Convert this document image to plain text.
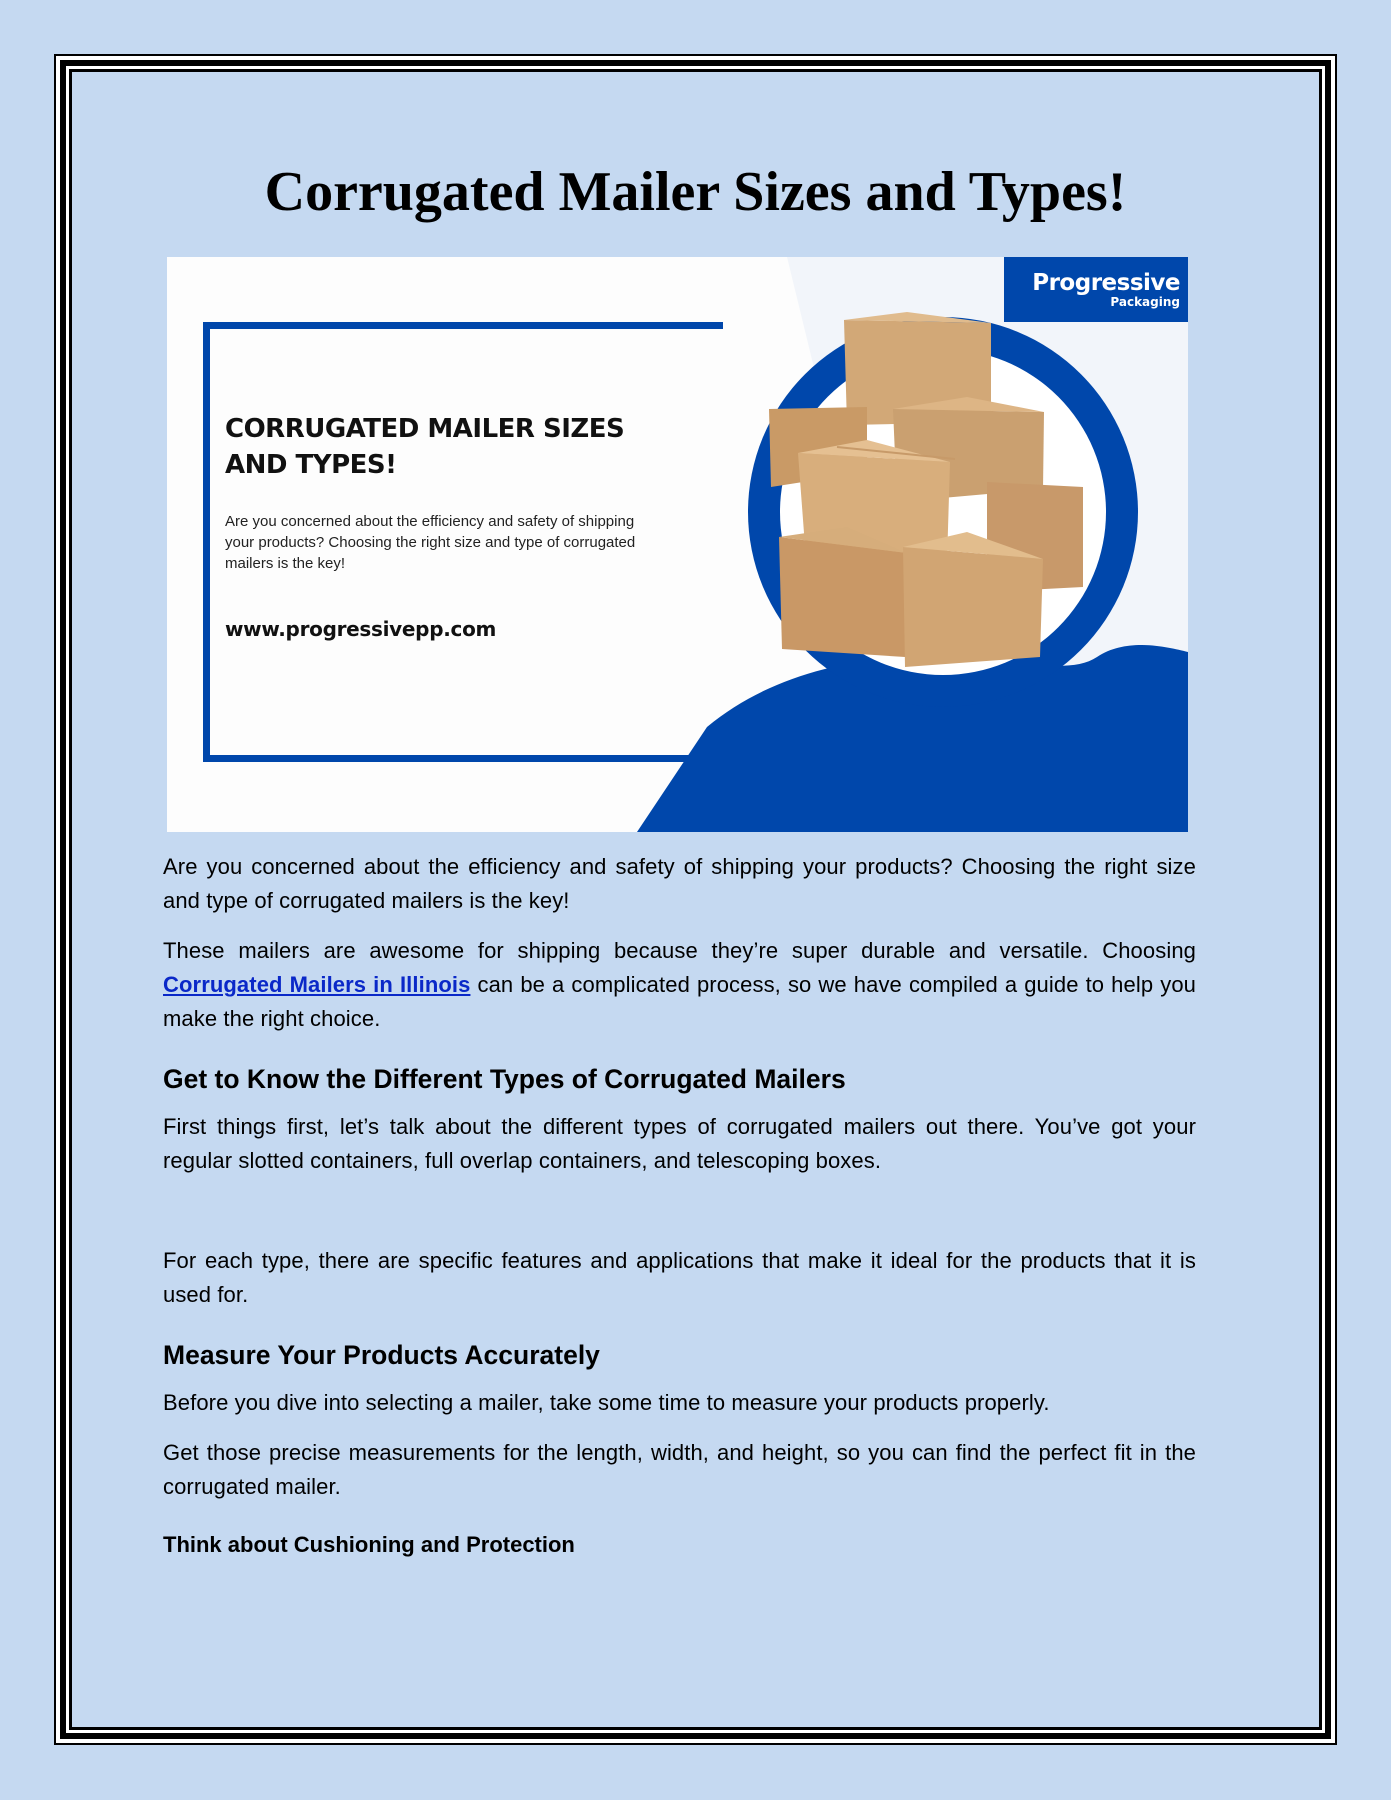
Corrugated Mailer Sizes and Types!
CORRUGATED MAILER SIZES AND TYPES!
Are you concerned about the efficiency and safety of shipping your products? Choosing the right size and type of corrugated mailers is the key!
www.progressivepp.com
Progressive
Packaging

Are you concerned about the efficiency and safety of shipping your products? Choosing the right size and type of corrugated mailers is the key!

These mailers are awesome for shipping because they’re super durable and versatile. Choosing Corrugated Mailers in Illinois can be a complicated process, so we have compiled a guide to help you make the right choice.

Get to Know the Different Types of Corrugated Mailers

First things first, let’s talk about the different types of corrugated mailers out there. You’ve got your regular slotted containers, full overlap containers, and telescoping boxes.

For each type, there are specific features and applications that make it ideal for the products that it is used for.

Measure Your Products Accurately

Before you dive into selecting a mailer, take some time to measure your products properly.

Get those precise measurements for the length, width, and height, so you can find the perfect fit in the corrugated mailer.

Think about Cushioning and Protection
